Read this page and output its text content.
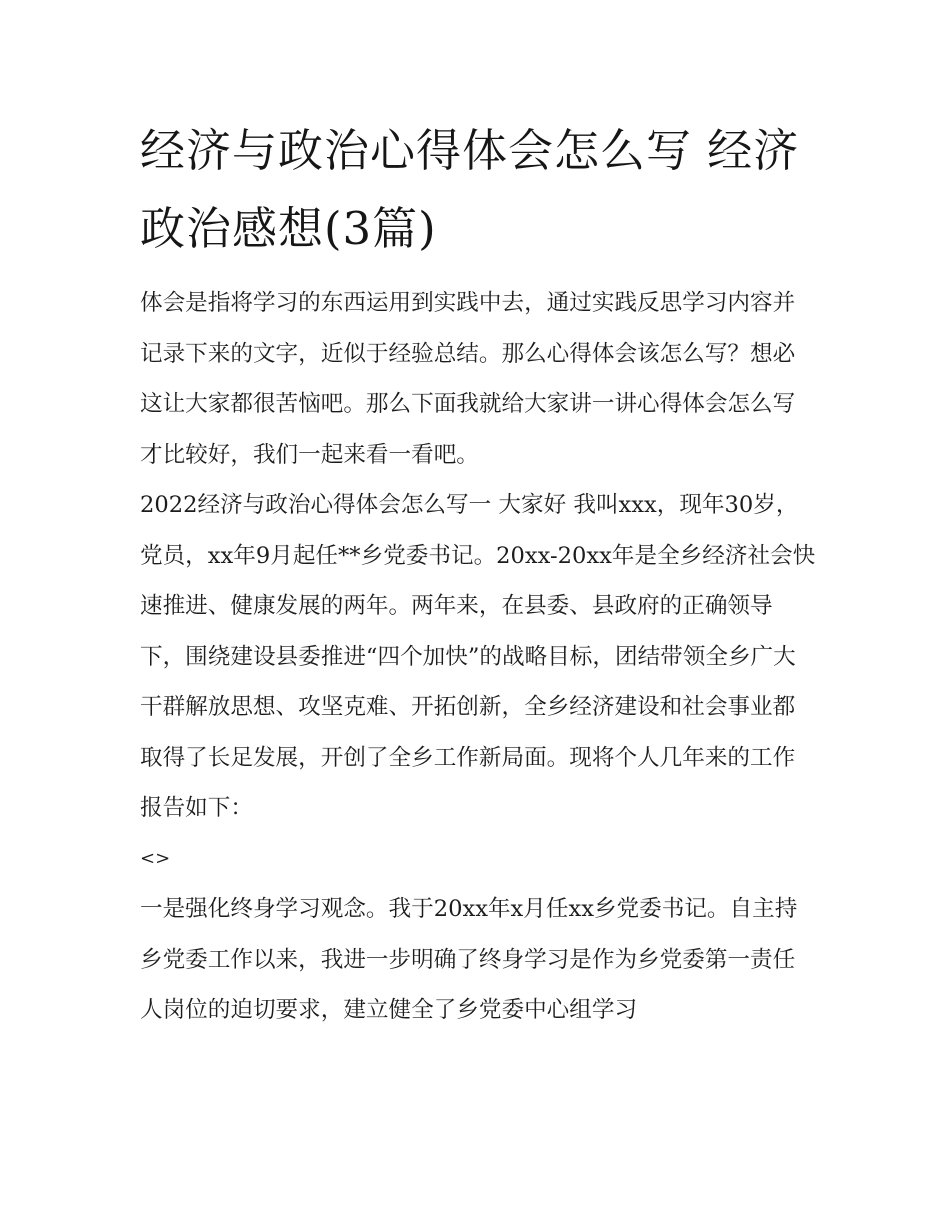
经济与政治心得体会怎么写 经济政治感想(3篇)

体会是指将学习的东西运用到实践中去，通过实践反思学习内容并记录下来的文字，近似于经验总结。那么心得体会该怎么写？想必这让大家都很苦恼吧。那么下面我就给大家讲一讲心得体会怎么写才比较好，我们一起来看一看吧。

2022经济与政治心得体会怎么写一 大家好 我叫xxx，现年30岁，

党员，xx年9月起任**乡党委书记。20xx-20xx年是全乡经济社会快速推进、健康发展的两年。两年来，在县委、县政府的正确领导下，围绕建设县委推进“四个加快”的战略目标，团结带领全乡广大干群解放思想、攻坚克难、开拓创新，全乡经济建设和社会事业都取得了长足发展，开创了全乡工作新局面。现将个人几年来的工作报告如下：

<>

一是强化终身学习观念。我于20xx年x月任xx乡党委书记。自主持乡党委工作以来，我进一步明确了终身学习是作为乡党委第一责任人岗位的迫切要求，建立健全了乡党委中心组学习
